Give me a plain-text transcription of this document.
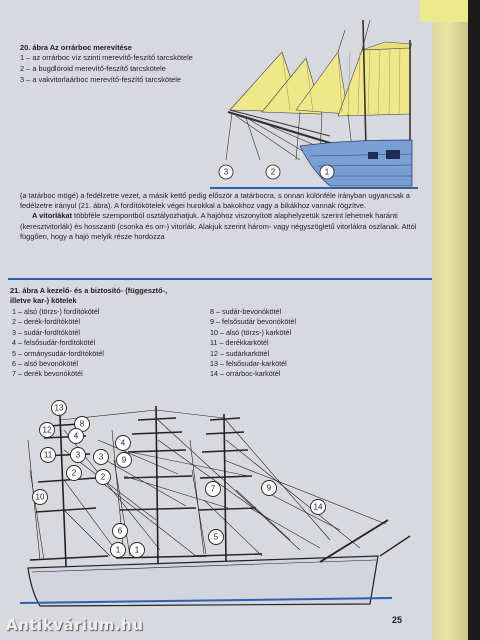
20. ábra Az orrárboc merevítése
1 – az orrárboc víz szinti merevítő-feszítő tarcskötele
2 – a bugdlóroid merevítő-feszítő tarcskötele
3 – a vakvitorlaárboc merevítő-feszítő tarcskötele
3	2	1

(a tatárboc mögé) a fedélzetre vezet, a másik kettő pedig először a tatárbocra, s onnan különféle irányban ugyancsak a fedélzetre irányul (21. ábra). A fordítókötelek végei hurokkal a bakokhoz vagy a bikákhoz vannak rögzítve.

A vitorlákat többféle szempontból osztályozhatjuk. A hajóhoz viszonyított alaphelyzetük szerint lehetnek haránti (keresztvitorlák) és hosszanti (csonka és orr-) vitorlák. Alakjuk szerint három- vagy négyszögletű vitorlákra oszlanak. Attól függően, hogy a hajó melyik része hordozza

21. ábra A kezelő- és a biztosító- (függesztő-,
illetve kar-) kötelek
1 – alsó (törzs-) fordítókötél
2 – derék-fordítókötél
3 – sudár-fordítókötél
4 – felsősudár-fordítókötél
5 – ormánysudár-fordítókötél
6 – alsó bevonókötél
7 – derék bevonókötél
8 – sudár-bevonókötél
9 – felsősudár bevonókötél
10 – alsó (törzs-) karkötél
11 – derékkarkötél
12 – sudárkarkötél
13 – felsősudar-karkötél
14 – orrárboc-karkötél
13
4
8
4
12
11	3 3 9
2	2
10
6
1 1
7	9
5
14
25
Antikvárium.hu
